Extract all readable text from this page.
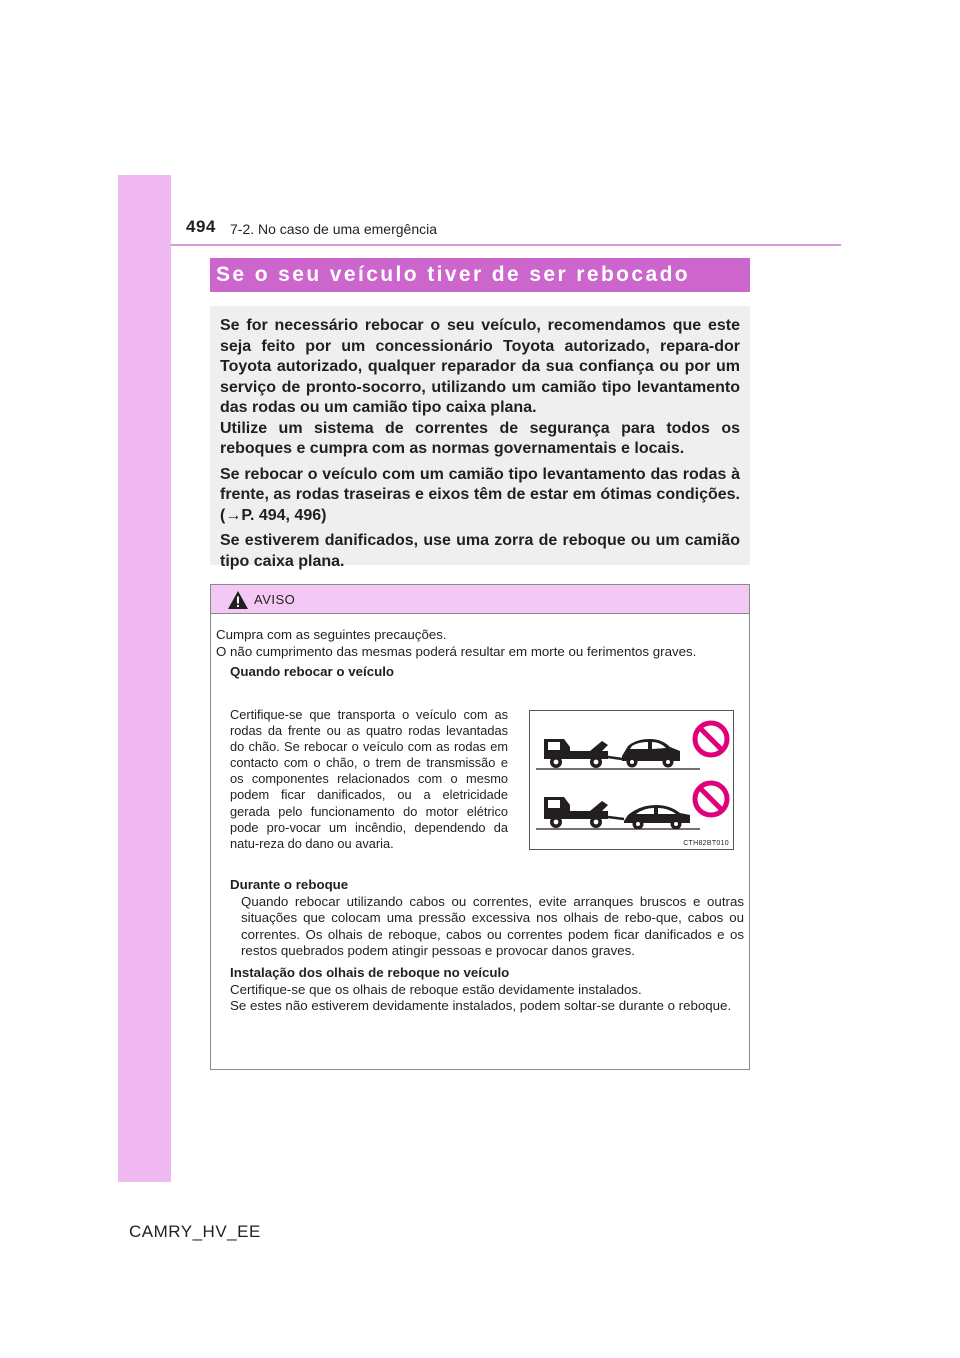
494 7-2. No caso de uma emergência
Se o seu veículo tiver de ser rebocado

Se for necessário rebocar o seu veículo, recomendamos que este seja feito por um concessionário Toyota autorizado, repara-dor Toyota autorizado, qualquer reparador da sua confiança ou por um serviço de pronto-socorro, utilizando um camião tipo levantamento das rodas ou um camião tipo caixa plana.
Utilize um sistema de correntes de segurança para todos os reboques e cumpra com as normas governamentais e locais.

Se rebocar o veículo com um camião tipo levantamento das rodas à frente, as rodas traseiras e eixos têm de estar em ótimas condições. (→P. 494, 496)

Se estiverem danificados, use uma zorra de reboque ou um camião tipo caixa plana.

AVISO
Cumpra com as seguintes precauções.
O não cumprimento das mesmas poderá resultar em morte ou ferimentos graves.
Quando rebocar o veículo
Certifique-se que transporta o veículo com as rodas da frente ou as quatro rodas levantadas do chão. Se rebocar o veículo com as rodas em contacto com o chão, o trem de transmissão e os componentes relacionados com o mesmo podem ficar danificados, ou a eletricidade gerada pelo funcionamento do motor elétrico pode pro-vocar um incêndio, dependendo da natu-reza do dano ou avaria.	CTH82BT010
Durante o reboque
Quando rebocar utilizando cabos ou correntes, evite arranques bruscos e outras situações que colocam uma pressão excessiva nos olhais de rebo-que, cabos ou correntes. Os olhais de reboque, cabos ou correntes podem ficar danificados e os restos quebrados podem atingir pessoas e provocar danos graves.
Instalação dos olhais de reboque no veículo
Certifique-se que os olhais de reboque estão devidamente instalados.
Se estes não estiverem devidamente instalados, podem soltar-se durante o reboque.
CAMRY_HV_EE
